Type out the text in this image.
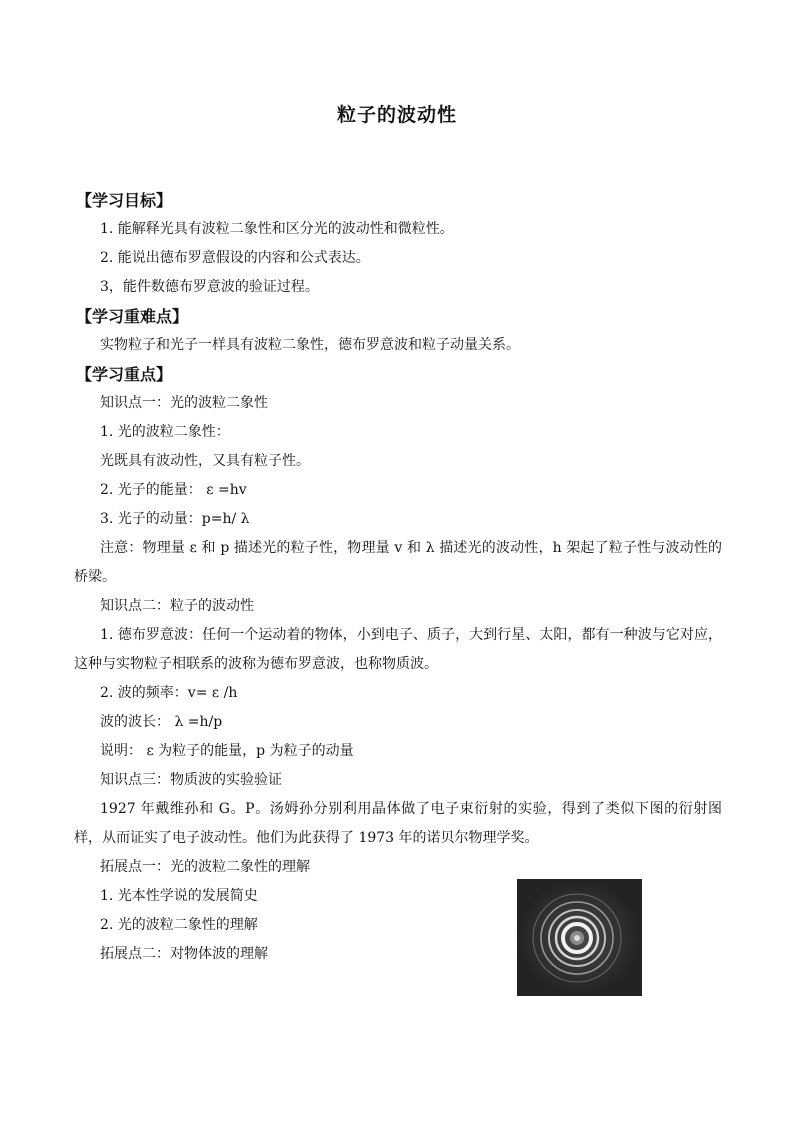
粒子的波动性
【学习目标】
1. 能解释光具有波粒二象性和区分光的波动性和微粒性。
2. 能说出德布罗意假设的内容和公式表达。
3，能件数德布罗意波的验证过程。
【学习重难点】
实物粒子和光子一样具有波粒二象性，德布罗意波和粒子动量关系。
【学习重点】
知识点一：光的波粒二象性
1. 光的波粒二象性：
光既具有波动性，又具有粒子性。
2. 光子的能量： ε =hv
3. 光子的动量：p=h/ λ
注意：物理量 ε 和 p 描述光的粒子性，物理量 v 和 λ 描述光的波动性，h 架起了粒子性与波动性的桥梁。
知识点二：粒子的波动性
1. 德布罗意波：任何一个运动着的物体，小到电子、质子，大到行星、太阳，都有一种波与它对应，这种与实物粒子相联系的波称为德布罗意波，也称物质波。
2. 波的频率：v= ε /h
波的波长： λ =h/p
说明： ε 为粒子的能量，p 为粒子的动量
知识点三：物质波的实验验证
1927 年戴维孙和 G。P。汤姆孙分别利用晶体做了电子束衍射的实验，得到了类似下图的衍射图样，从而证实了电子波动性。他们为此获得了 1973 年的诺贝尔物理学奖。
拓展点一：光的波粒二象性的理解
1. 光本性学说的发展简史
2. 光的波粒二象性的理解
拓展点二：对物体波的理解
